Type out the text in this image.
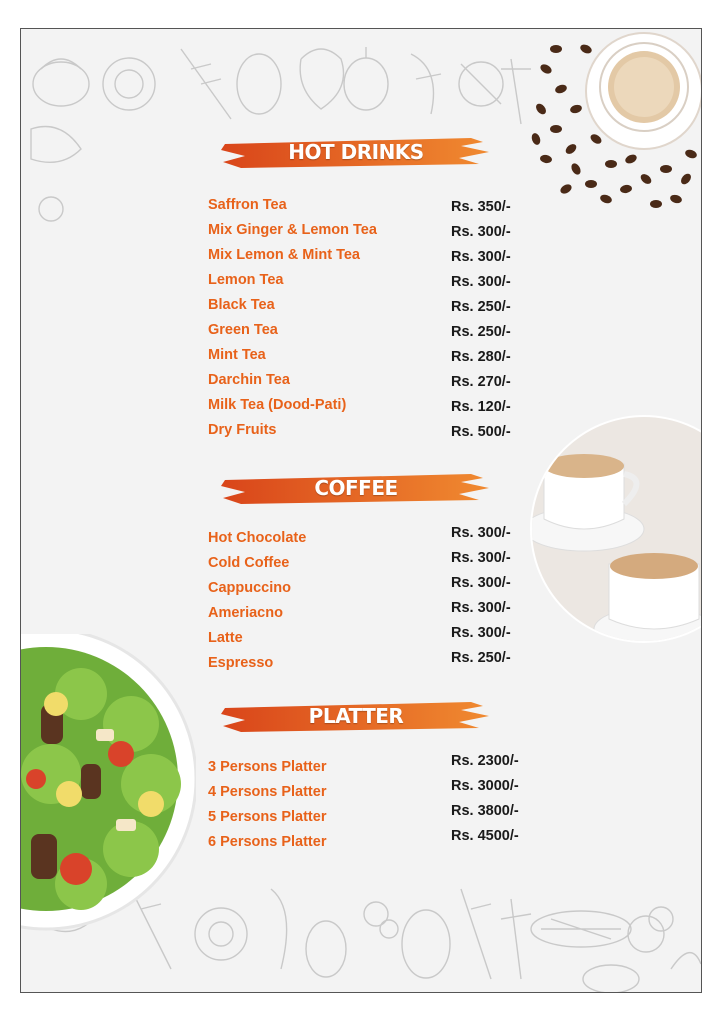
HOT DRINKS
Saffron Tea	Rs. 350/-
Mix Ginger & Lemon Tea	Rs. 300/-
Mix Lemon & Mint Tea	Rs. 300/-
Lemon Tea	Rs. 300/-
Black Tea	Rs. 250/-
Green Tea	Rs. 250/-
Mint Tea	Rs. 280/-
Darchin Tea	Rs. 270/-
Milk Tea (Dood-Pati)	Rs. 120/-
Dry Fruits	Rs. 500/-
COFFEE
Hot Chocolate	Rs. 300/-
Cold Coffee	Rs. 300/-
Cappuccino	Rs. 300/-
Ameriacno	Rs. 300/-
Latte	Rs. 300/-
Espresso	Rs. 250/-
PLATTER
3 Persons Platter	Rs. 2300/-
4 Persons Platter	Rs. 3000/-
5 Persons Platter	Rs. 3800/-
6 Persons Platter	Rs. 4500/-
